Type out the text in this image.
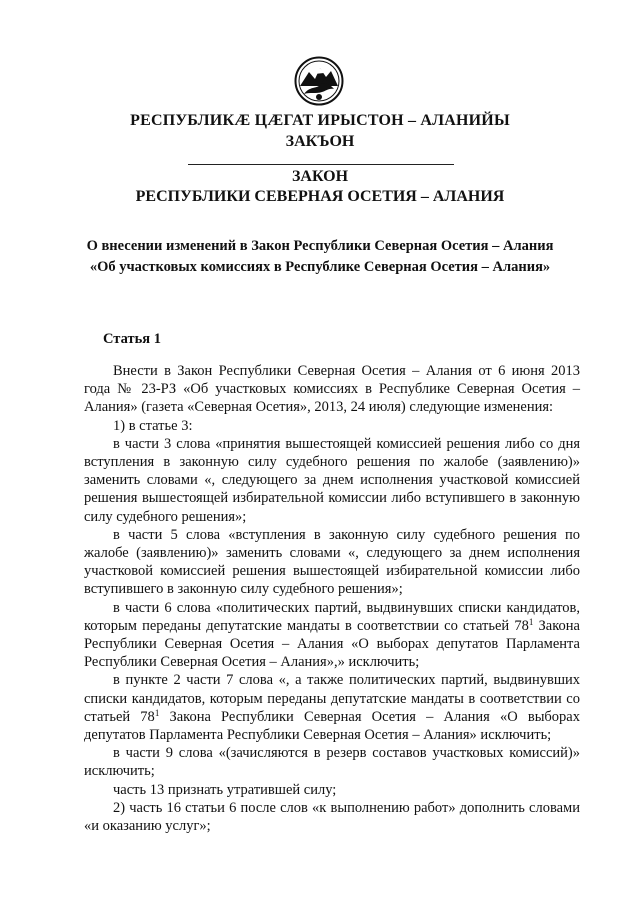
РЕСПУБЛИКӔ ЦӔГАТ ИРЫСТОН – АЛАНИЙЫ
ЗАКЪОН
ЗАКОН
РЕСПУБЛИКИ СЕВЕРНАЯ ОСЕТИЯ – АЛАНИЯ
О внесении изменений в Закон Республики Северная Осетия – Алания
«Об участковых комиссиях в Республике Северная Осетия – Алания»
Статья 1

Внести в Закон Республики Северная Осетия – Алания от 6 июня 2013 года № 23-РЗ «Об участковых комиссиях в Республике Северная Осетия – Алания» (газета «Северная Осетия», 2013, 24 июля) следующие изменения:

1) в статье 3:

в части 3 слова «принятия вышестоящей комиссией решения либо со дня вступления в законную силу судебного решения по жалобе (заявлению)» заменить словами «, следующего за днем исполнения участковой комиссией решения вышестоящей избирательной комиссии либо вступившего в законную силу судебного решения»;

в части 5 слова «вступления в законную силу судебного решения по жалобе (заявлению)» заменить словами «, следующего за днем исполнения участковой комиссией решения вышестоящей избирательной комиссии либо вступившего в законную силу судебного решения»;

в части 6 слова «политических партий, выдвинувших списки кандидатов, которым переданы депутатские мандаты в соответствии со статьей $78^1$ Закона Республики Северная Осетия – Алания «О выборах депутатов Парламента Республики Северная Осетия – Алания»,» исключить;

в пункте 2 части 7 слова «, а также политических партий, выдвинувших списки кандидатов, которым переданы депутатские мандаты в соответствии со статьей $78^1$ Закона Республики Северная Осетия – Алания «О выборах депутатов Парламента Республики Северная Осетия – Алания» исключить;

в части 9 слова «(зачисляются в резерв составов участковых комиссий)» исключить;

часть 13 признать утратившей силу;

2) часть 16 статьи 6 после слов «к выполнению работ» дополнить словами «и оказанию услуг»;
